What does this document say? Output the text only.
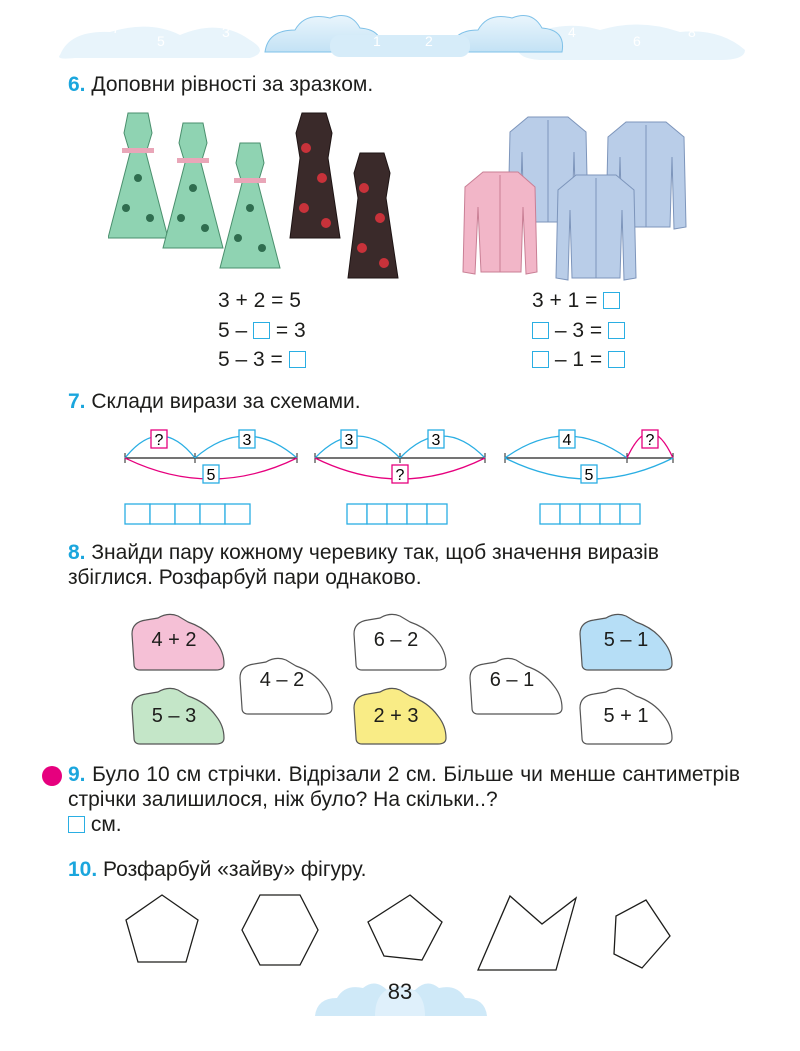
7
5
3
1
0
2
4
6
8
6. Доповни рівності за зразком.
3 + 2 = 5
5 –  = 3
5 – 3 =
3 + 1 =
– 3 =
– 1 =
7. Склади вирази за схемами.
?	3
5
3	3
?
4	?
5
8. Знайди пару кожному черевику так, щоб значення виразів збіглися. Розфарбуй пари однаково.
4 + 2
4 – 2
6 – 2
6 – 1
5 – 1
5 – 3	2 + 3	5 + 1
9. Було 10 см стрічки. Відрізали 2 см. Більше чи менше сантиметрів стрічки залишилося, ніж було? На скільки..?
см.
10. Розфарбуй «зайву» фігуру.
83
